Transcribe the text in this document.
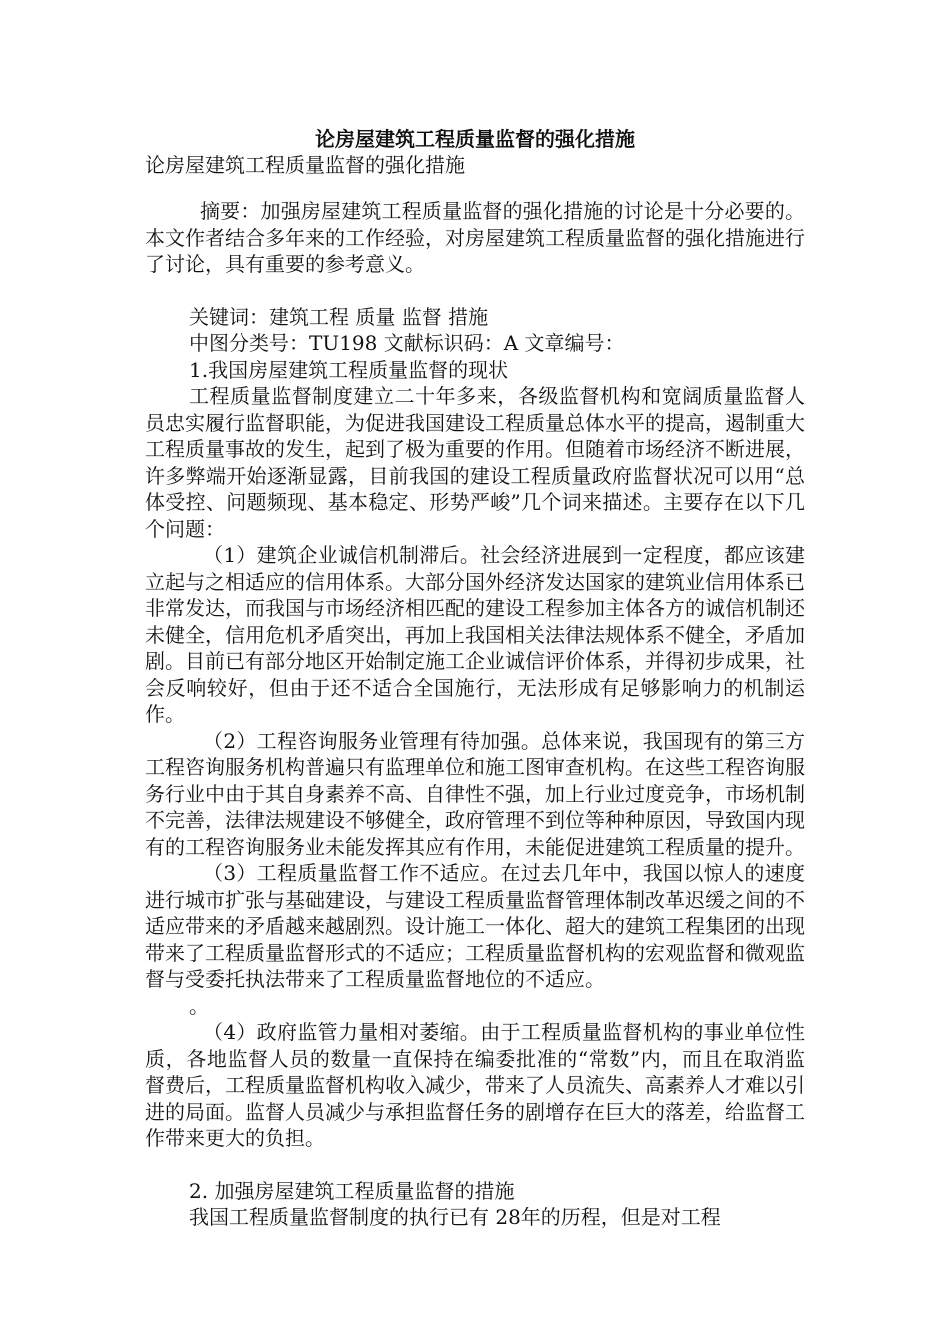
论房屋建筑工程质量监督的强化措施

论房屋建筑工程质量监督的强化措施

摘要：加强房屋建筑工程质量监督的强化措施的讨论是十分必要的。本文作者结合多年来的工作经验，对房屋建筑工程质量监督的强化措施进行了讨论，具有重要的参考意义。

关键词：建筑工程 质量 监督 措施

中图分类号：TU198 文献标识码：A 文章编号：

1.我国房屋建筑工程质量监督的现状

工程质量监督制度建立二十年多来，各级监督机构和宽阔质量监督人员忠实履行监督职能，为促进我国建设工程质量总体水平的提高，遏制重大工程质量事故的发生，起到了极为重要的作用。但随着市场经济不断进展，许多弊端开始逐渐显露，目前我国的建设工程质量政府监督状况可以用“总体受控、问题频现、基本稳定、形势严峻”几个词来描述。主要存在以下几个问题：

（1）建筑企业诚信机制滞后。社会经济进展到一定程度，都应该建立起与之相适应的信用体系。大部分国外经济发达国家的建筑业信用体系已非常发达，而我国与市场经济相匹配的建设工程参加主体各方的诚信机制还未健全，信用危机矛盾突出，再加上我国相关法律法规体系不健全，矛盾加剧。目前已有部分地区开始制定施工企业诚信评价体系，并得初步成果，社会反响较好，但由于还不适合全国施行，无法形成有足够影响力的机制运作。

（2）工程咨询服务业管理有待加强。总体来说，我国现有的第三方工程咨询服务机构普遍只有监理单位和施工图审查机构。在这些工程咨询服务行业中由于其自身素养不高、自律性不强，加上行业过度竞争，市场机制不完善，法律法规建设不够健全，政府管理不到位等种种原因，导致国内现有的工程咨询服务业未能发挥其应有作用，未能促进建筑工程质量的提升。

（3）工程质量监督工作不适应。在过去几年中，我国以惊人的速度进行城市扩张与基础建设，与建设工程质量监督管理体制改革迟缓之间的不适应带来的矛盾越来越剧烈。设计施工一体化、超大的建筑工程集团的出现带来了工程质量监督形式的不适应；工程质量监督机构的宏观监督和微观监督与受委托执法带来了工程质量监督地位的不适应。

。

（4）政府监管力量相对萎缩。由于工程质量监督机构的事业单位性质，各地监督人员的数量一直保持在编委批准的“常数”内，而且在取消监督费后，工程质量监督机构收入减少，带来了人员流失、高素养人才难以引进的局面。监督人员减少与承担监督任务的剧增存在巨大的落差，给监督工作带来更大的负担。

2. 加强房屋建筑工程质量监督的措施

我国工程质量监督制度的执行已有 28年的历程，但是对工程
